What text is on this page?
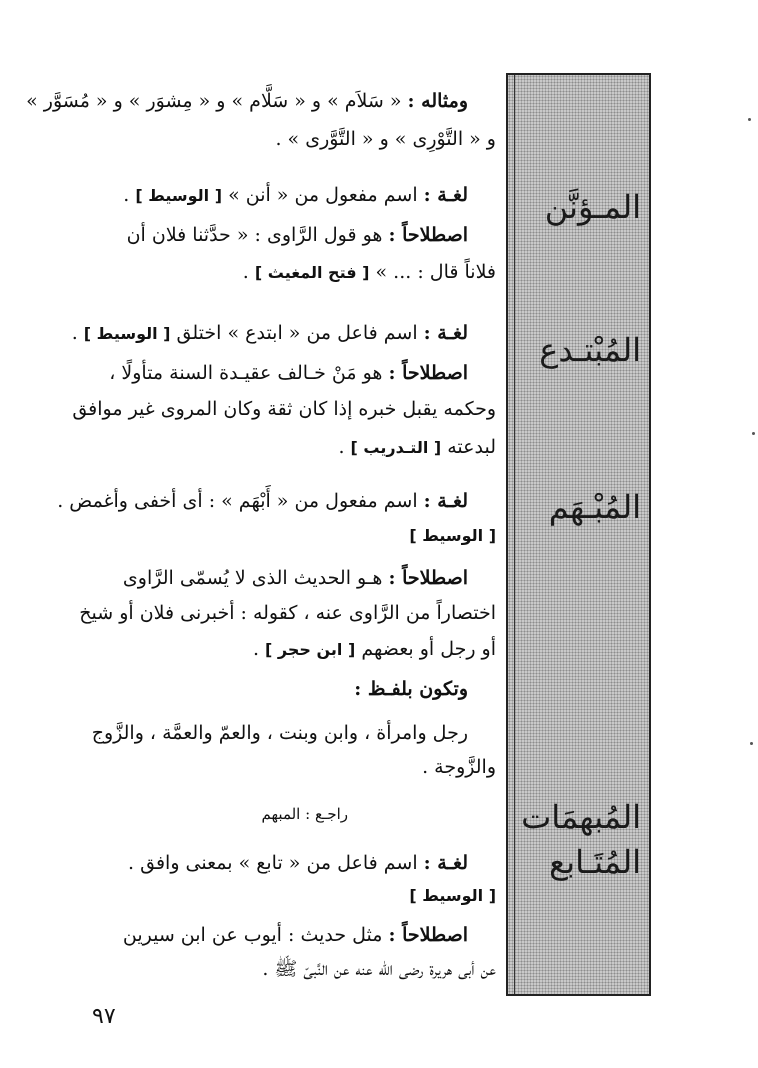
المـؤنَّن
المُبْتـدع
المُبْـهَم
المُبهمَات
المُتَـابع
ومثاله : « سَلاَم » و « سَلَّام » و « مِشوَر » و « مُسَوَّر »
و « التَّوْرِى » و « التَّوَّرى » .
لغـة : اسم مفعول من « أنن » [ الوسيط ] .
اصطلاحاً : هو قول الرَّاوى : « حدَّثنا فلان أن
فلاناً قال : ... » [ فتح المغيث ] .
لغـة : اسم فاعل من « ابتدع » اختلق [ الوسيط ] .
اصطلاحاً : هو مَنْ خـالف عقيـدة السنة متأولًا ،
وحكمه يقبل خبره إذا كان ثقة وكان المروى غير موافق
لبدعته [ التـدريب ] .
لغـة : اسم مفعول من « أَبْهَم » : أى أخفى وأغمض .
[ الوسيط ]
اصطلاحاً : هـو الحديث الذى لا يُسمّى الرَّاوى
اختصاراً من الرَّاوى عنه ، كقوله : أخبرنى فلان أو شيخ
أو رجل أو بعضهم [ ابن حجر ] .
وتكون بلفـظ :
رجل وامرأة ، وابن وبنت ، والعمّ والعمَّة ، والزَّوج
والزَّوجة .
راجـع : المبهم
لغـة : اسم فاعل من « تابع » بمعنى وافق .
[ الوسيط ]
اصطلاحاً : مثل حديث : أيوب عن ابن سيرين
عن أبى هريرة رضى الله عنه عن النَّبىّ ﷺ .
٩٧
